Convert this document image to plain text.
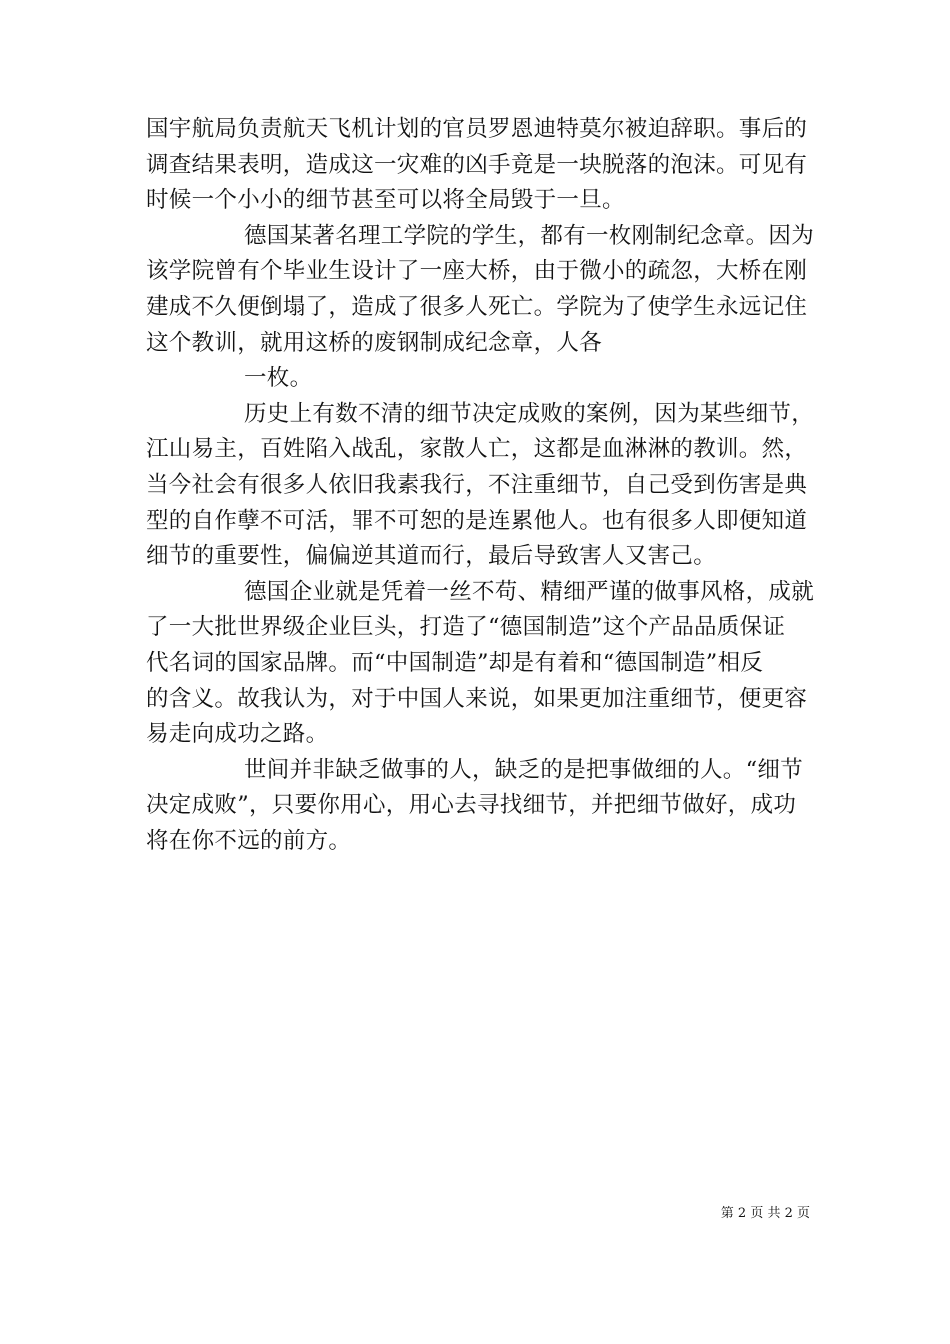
国宇航局负责航天飞机计划的官员罗恩迪特莫尔被迫辞职。事后的
调查结果表明，造成这一灾难的凶手竟是一块脱落的泡沫。可见有
时候一个小小的细节甚至可以将全局毁于一旦。
德国某著名理工学院的学生，都有一枚刚制纪念章。因为
该学院曾有个毕业生设计了一座大桥，由于微小的疏忽，大桥在刚
建成不久便倒塌了，造成了很多人死亡。学院为了使学生永远记住
这个教训，就用这桥的废钢制成纪念章，人各
一枚。
历史上有数不清的细节决定成败的案例，因为某些细节，
江山易主，百姓陷入战乱，家散人亡，这都是血淋淋的教训。然，
当今社会有很多人依旧我素我行，不注重细节，自己受到伤害是典
型的自作孽不可活，罪不可恕的是连累他人。也有很多人即便知道
细节的重要性，偏偏逆其道而行，最后导致害人又害己。
德国企业就是凭着一丝不苟、精细严谨的做事风格，成就
了一大批世界级企业巨头，打造了“德国制造”这个产品品质保证
代名词的国家品牌。而“中国制造”却是有着和“德国制造”相反
的含义。故我认为，对于中国人来说，如果更加注重细节，便更容
易走向成功之路。
世间并非缺乏做事的人，缺乏的是把事做细的人。“细节
决定成败”，只要你用心，用心去寻找细节，并把细节做好，成功
将在你不远的前方。
第 2 页 共 2 页
